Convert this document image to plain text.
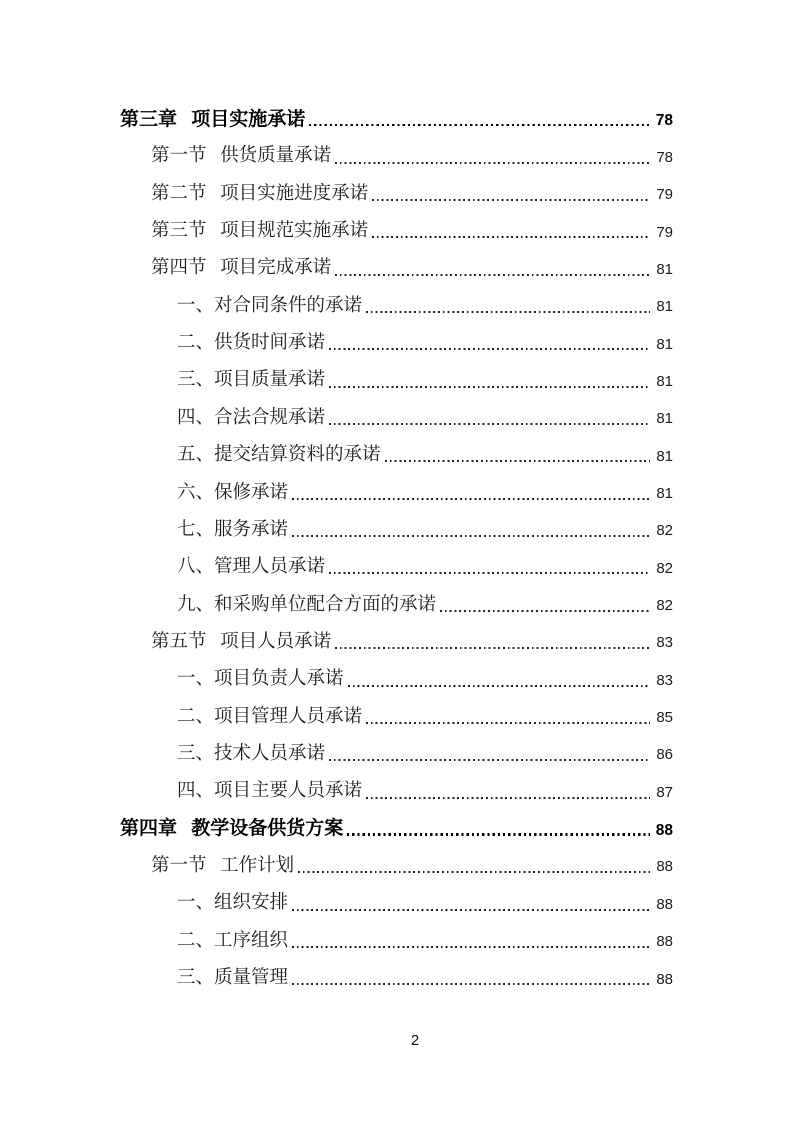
第三章 项目实施承诺	78
第一节 供货质量承诺	78
第二节 项目实施进度承诺	79
第三节 项目规范实施承诺	79
第四节 项目完成承诺	81
一、对合同条件的承诺	81
二、供货时间承诺	81
三、项目质量承诺	81
四、合法合规承诺	81
五、提交结算资料的承诺	81
六、保修承诺	81
七、服务承诺	82
八、管理人员承诺	82
九、和采购单位配合方面的承诺	82
第五节 项目人员承诺	83
一、项目负责人承诺	83
二、项目管理人员承诺	85
三、技术人员承诺	86
四、项目主要人员承诺	87
第四章 教学设备供货方案	88
第一节 工作计划	88
一、组织安排	88
二、工序组织	88
三、质量管理	88
2
